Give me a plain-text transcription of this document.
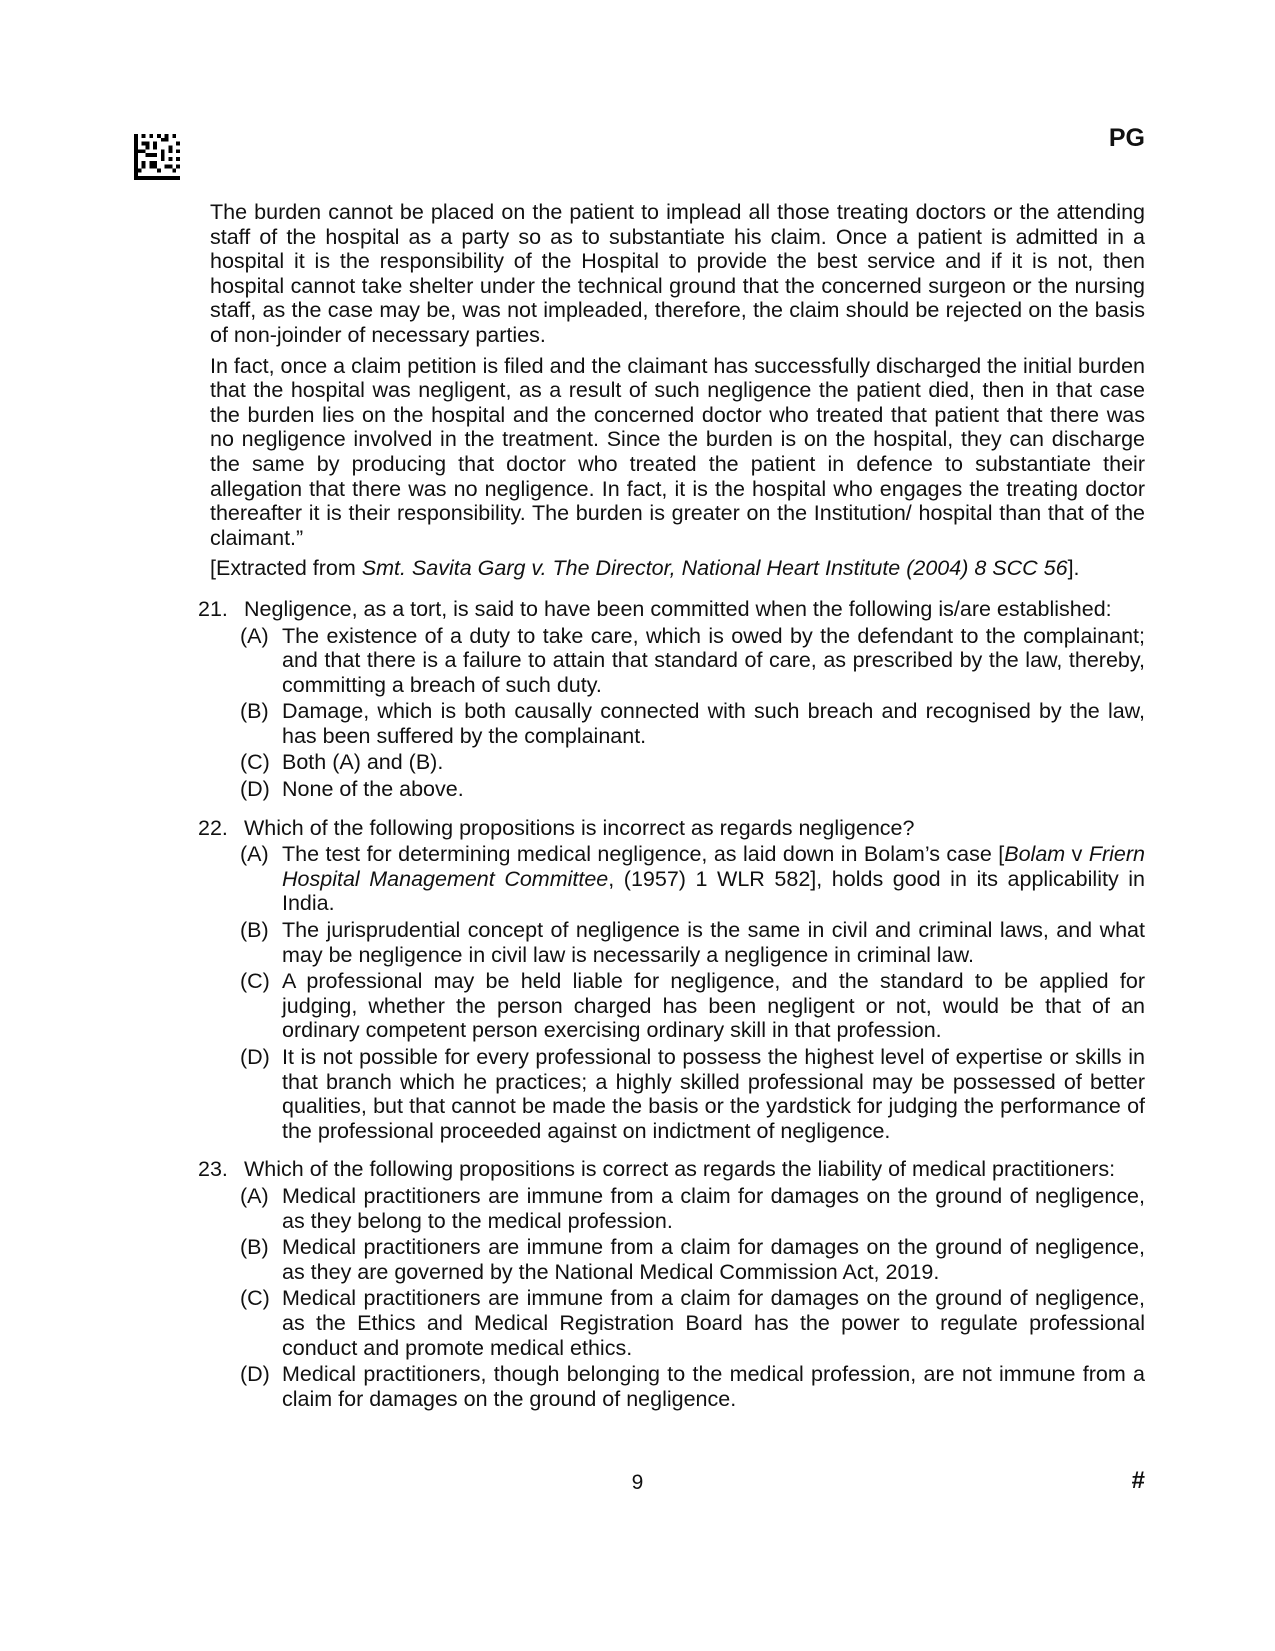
PG

The burden cannot be placed on the patient to implead all those treating doctors or the attending staff of the hospital as a party so as to substantiate his claim. Once a patient is admitted in a hospital it is the responsibility of the Hospital to provide the best service and if it is not, then hospital cannot take shelter under the technical ground that the concerned surgeon or the nursing staff, as the case may be, was not impleaded, therefore, the claim should be rejected on the basis of non-joinder of necessary parties.

In fact, once a claim petition is filed and the claimant has successfully discharged the initial burden that the hospital was negligent, as a result of such negligence the patient died, then in that case the burden lies on the hospital and the concerned doctor who treated that patient that there was no negligence involved in the treatment. Since the burden is on the hospital, they can discharge the same by producing that doctor who treated the patient in defence to substantiate their allegation that there was no negligence. In fact, it is the hospital who engages the treating doctor thereafter it is their responsibility. The burden is greater on the Institution/ hospital than that of the claimant.”

[Extracted from Smt. Savita Garg v. The Director, National Heart Institute (2004) 8 SCC 56].

21. Negligence, as a tort, is said to have been committed when the following is/are established:
(A) The existence of a duty to take care, which is owed by the defendant to the complainant; and that there is a failure to attain that standard of care, as prescribed by the law, thereby, committing a breach of such duty.
(B) Damage, which is both causally connected with such breach and recognised by the law, has been suffered by the complainant.
(C) Both (A) and (B).
(D) None of the above.
22. Which of the following propositions is incorrect as regards negligence?
(A) The test for determining medical negligence, as laid down in Bolam’s case [Bolam v Friern Hospital Management Committee, (1957) 1 WLR 582], holds good in its applicability in India.
(B) The jurisprudential concept of negligence is the same in civil and criminal laws, and what may be negligence in civil law is necessarily a negligence in criminal law.
(C) A professional may be held liable for negligence, and the standard to be applied for judging, whether the person charged has been negligent or not, would be that of an ordinary competent person exercising ordinary skill in that profession.
(D) It is not possible for every professional to possess the highest level of expertise or skills in that branch which he practices; a highly skilled professional may be possessed of better qualities, but that cannot be made the basis or the yardstick for judging the performance of the professional proceeded against on indictment of negligence.
23. Which of the following propositions is correct as regards the liability of medical practitioners:
(A) Medical practitioners are immune from a claim for damages on the ground of negligence, as they belong to the medical profession.
(B) Medical practitioners are immune from a claim for damages on the ground of negligence, as they are governed by the National Medical Commission Act, 2019.
(C) Medical practitioners are immune from a claim for damages on the ground of negligence, as the Ethics and Medical Registration Board has the power to regulate professional conduct and promote medical ethics.
(D) Medical practitioners, though belonging to the medical profession, are not immune from a claim for damages on the ground of negligence.
9	#
